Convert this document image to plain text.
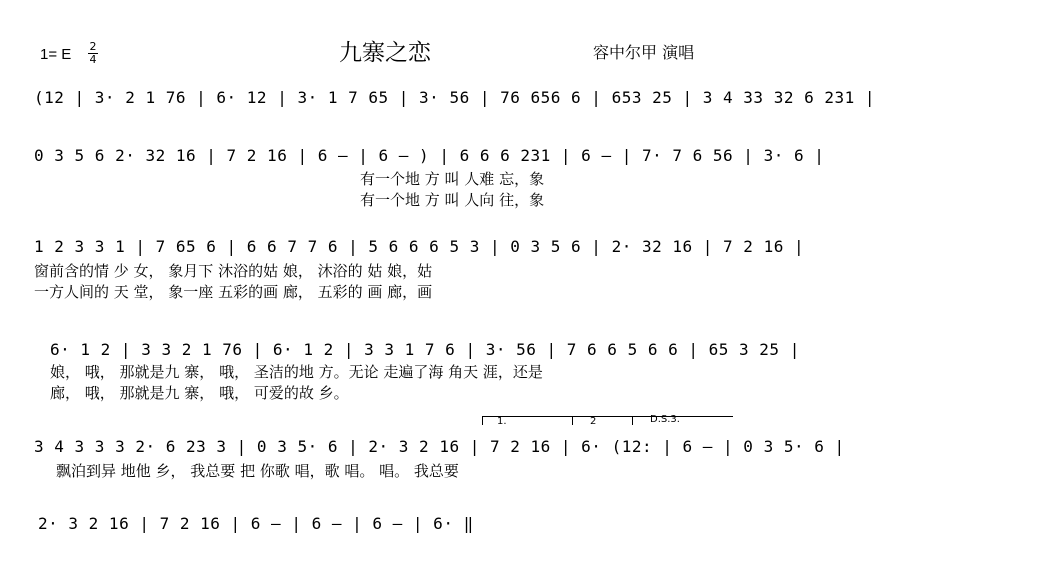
九寨之恋
1= E 2
4	容中尔甲 演唱
(12 | 3· 2 1 76 | 6· 12 | 3· 1 7 65 | 3· 56 | 76 656 6 | 653 25 | 3 4 33 32 6 231 |
0 3 5 6 2· 32 16 | 7 2 16 | 6 — | 6 — ) | 6 6 6 231 | 6 — | 7· 7 6 56 | 3· 6 |
有一个地 方 叫 人难 忘，象
有一个地 方 叫 人向 往，象
1 2 3 3 1 | 7 65 6 | 6 6 7 7 6 | 5 6 6 6 5 3 | 0 3 5 6 | 2· 32 16 | 7 2 16 |
窗前含的情 少 女， 象月下 沐浴的姑 娘， 沐浴的 姑 娘，姑
一方人间的 天 堂， 象一座 五彩的画 廊， 五彩的 画 廊，画
6· 1 2 | 3 3 2 1 76 | 6· 1 2 | 3 3 1 7 6 | 3· 56 | 7 6 6 5 6 6 | 65 3 25 |
娘， 哦， 那就是九 寨， 哦， 圣洁的地 方。无论 走遍了海 角天 涯，还是
廊， 哦， 那就是九 寨， 哦， 可爱的故 乡。
1.	2	D.S.3.
3 4 3 3 3 2· 6 23 3 | 0 3 5· 6 | 2· 3 2 16 | 7 2 16 | 6· (12: | 6 — | 0 3 5· 6 |
飘泊到异 地他 乡， 我总要 把 你歌 唱，歌 唱。 唱。 我总要
2· 3 2 16 | 7 2 16 | 6 — | 6 — | 6 — | 6· ‖
